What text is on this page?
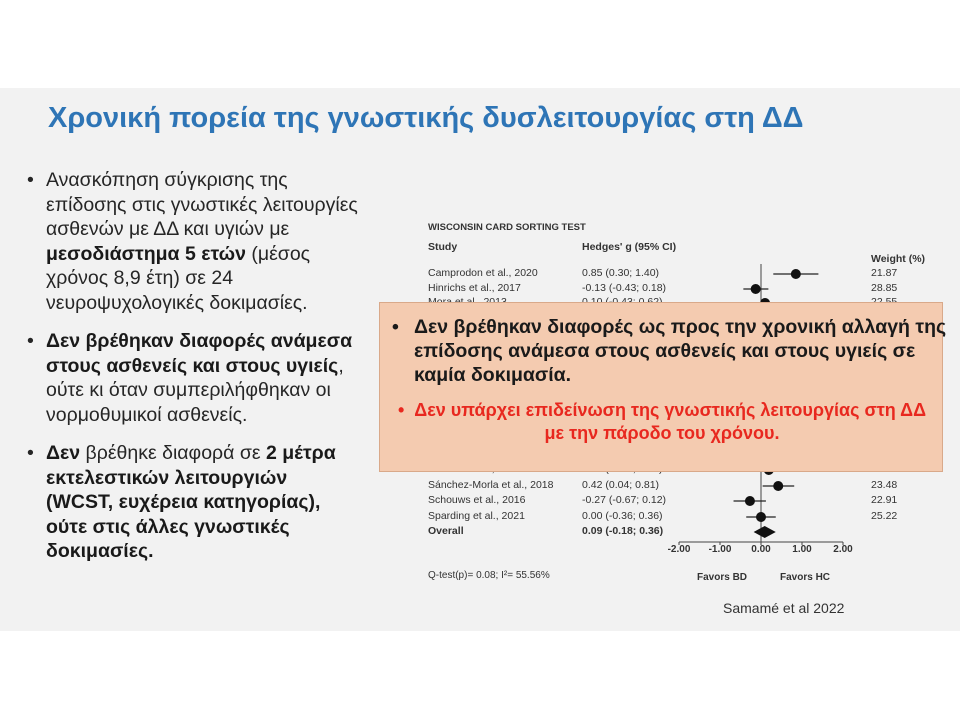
Χρονική πορεία της γνωστικής δυσλειτουργίας στη ΔΔ
• Ανασκόπηση σύγκρισης της επίδοσης στις γνωστικές λειτουργίες ασθενών με ΔΔ και υγιών με μεσοδιάστημα 5 ετών (μέσος χρόνος 8,9 έτη) σε 24 νευροψυχολογικές δοκιμασίες.
• Δεν βρέθηκαν διαφορές ανάμεσα στους ασθενείς και στους υγιείς, ούτε κι όταν συμπεριλήφθηκαν οι νορμοθυμικοί ασθενείς.
• Δεν βρέθηκε διαφορά σε 2 μέτρα εκτελεστικών λειτουργιών (WCST, ευχέρεια κατηγορίας), ούτε στις άλλες γνωστικές δοκιμασίες.
WISCONSIN CARD SORTING TEST
Study	Hedges' g (95% CI)
Weight (%)
Q-test(p)= 0.08; I²= 55.56%	Favors BD	Favors HC
Camprodon et al., 2020	0.85 (0.30; 1.40)	21.87
Hinrichs et al., 2017	-0.13 (-0.43; 0.18)	28.85
Sánchez-Morla et al., 2018	0.42 (0.04; 0.81)	23.48
Schouws et al., 2016	-0.27 (-0.67; 0.12)	22.91
Sparding et al., 2021	0.00 (-0.36; 0.36)	25.22
Overall	0.09 (-0.18; 0.36)
-2.00 -1.00 0.00 1.00 2.00
• Δεν βρέθηκαν διαφορές ως προς την χρονική αλλαγή της επίδοσης ανάμεσα στους ασθενείς και στους υγιείς σε καμία δοκιμασία.
• Δεν υπάρχει επιδείνωση της γνωστικής λειτουργίας στη ΔΔ με την πάροδο του χρόνου.
Samamé et al 2022
